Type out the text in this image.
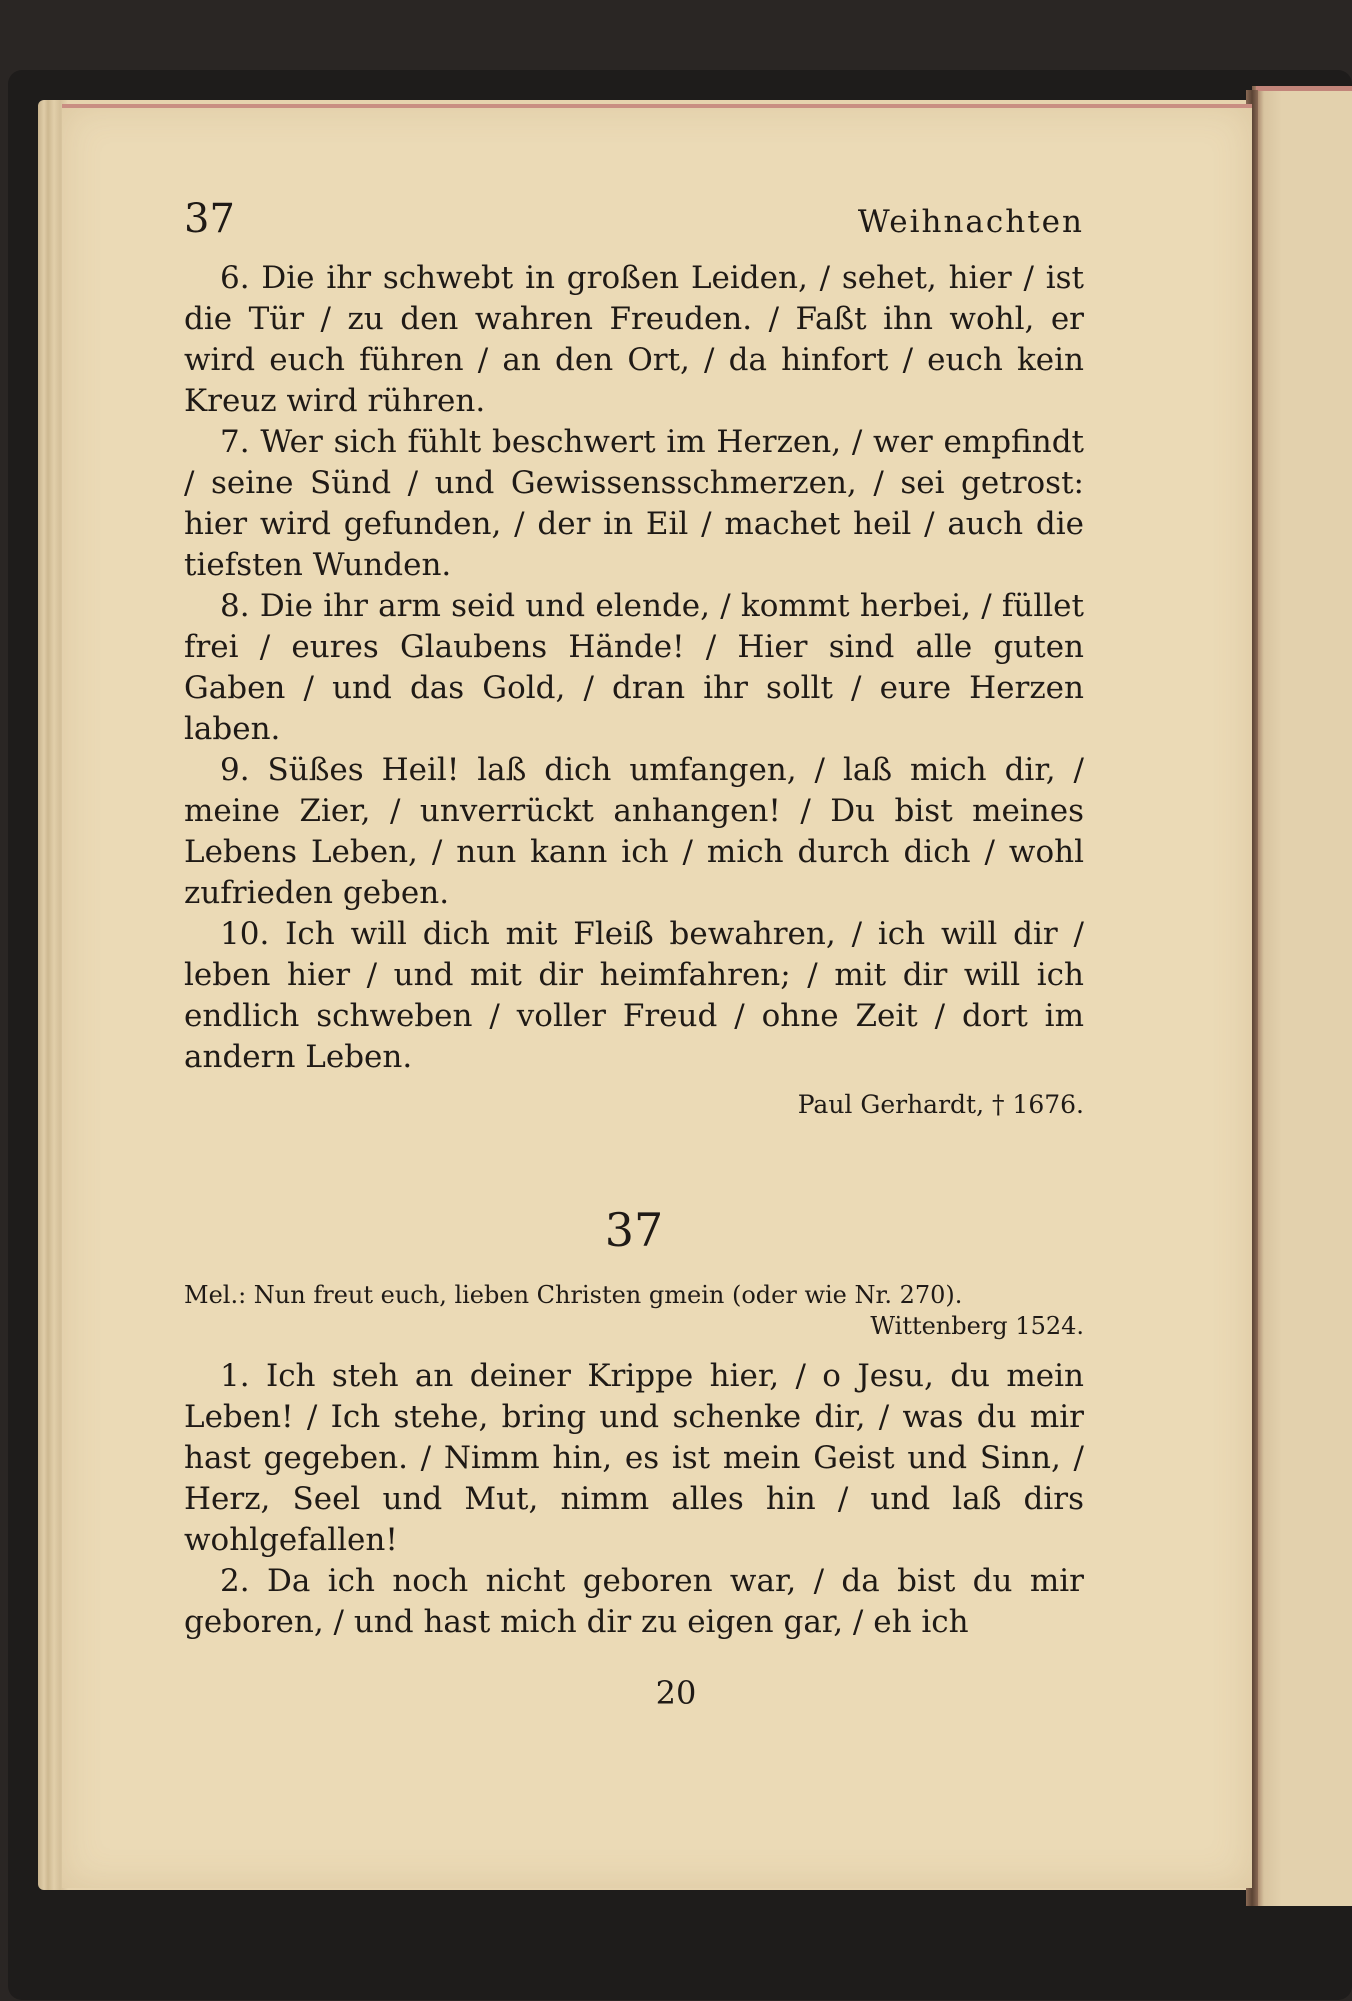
37	Weihnachten

6. Die ihr schwebt in großen Leiden, / sehet, hier / ist die Tür / zu den wahren Freuden. / Faßt ihn wohl, er wird euch führen / an den Ort, / da hinfort / euch kein Kreuz wird rühren.

7. Wer sich fühlt beschwert im Herzen, / wer empfindt / seine Sünd / und Gewissensschmerzen, / sei getrost: hier wird gefunden, / der in Eil / machet heil / auch die tiefsten Wunden.

8. Die ihr arm seid und elende, / kommt herbei, / füllet frei / eures Glaubens Hände! / Hier sind alle guten Gaben / und das Gold, / dran ihr sollt / eure Herzen laben.

9. Süßes Heil! laß dich umfangen, / laß mich dir, / meine Zier, / unverrückt anhangen! / Du bist meines Lebens Leben, / nun kann ich / mich durch dich / wohl zufrieden geben.

10. Ich will dich mit Fleiß bewahren, / ich will dir / leben hier / und mit dir heimfahren; / mit dir will ich endlich schweben / voller Freud / ohne Zeit / dort im andern Leben.

Paul Gerhardt, † 1676.
37
Mel.: Nun freut euch, lieben Christen gmein (oder wie Nr. 270).
Wittenberg 1524.

1. Ich steh an deiner Krippe hier, / o Jesu, du mein Leben! / Ich stehe, bring und schenke dir, / was du mir hast gegeben. / Nimm hin, es ist mein Geist und Sinn, / Herz, Seel und Mut, nimm alles hin / und laß dirs wohlgefallen!

2. Da ich noch nicht geboren war, / da bist du mir geboren, / und hast mich dir zu eigen gar, / eh ich

20
